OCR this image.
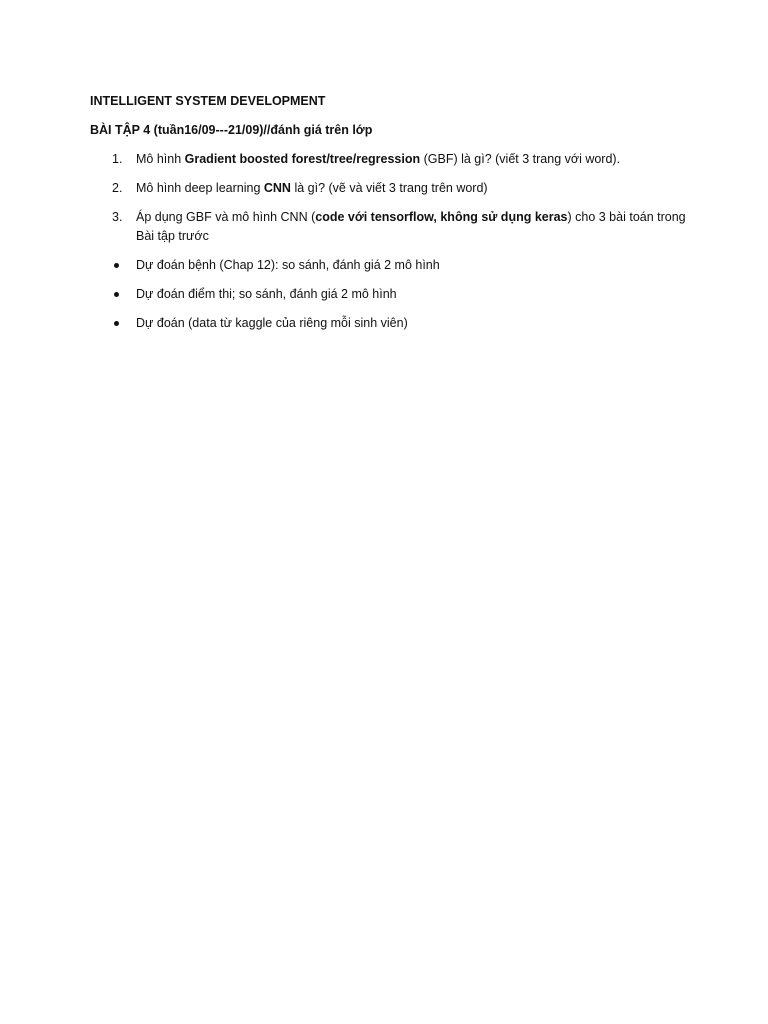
INTELLIGENT SYSTEM DEVELOPMENT
BÀI TẬP 4 (tuần16/09---21/09)//đánh giá trên lớp
1. Mô hình Gradient boosted forest/tree/regression (GBF) là gì? (viết 3 trang với word).
2. Mô hình deep learning CNN là gì? (vẽ và viết 3 trang trên word)
3. Áp dụng GBF và mô hình CNN (code với tensorflow, không sử dụng keras) cho 3 bài toán trong Bài tập trước
Dự đoán bệnh (Chap 12): so sánh, đánh giá 2 mô hình
Dự đoán điểm thi; so sánh, đánh giá 2 mô hình
Dự đoán (data từ kaggle của riêng mỗi sinh viên)
